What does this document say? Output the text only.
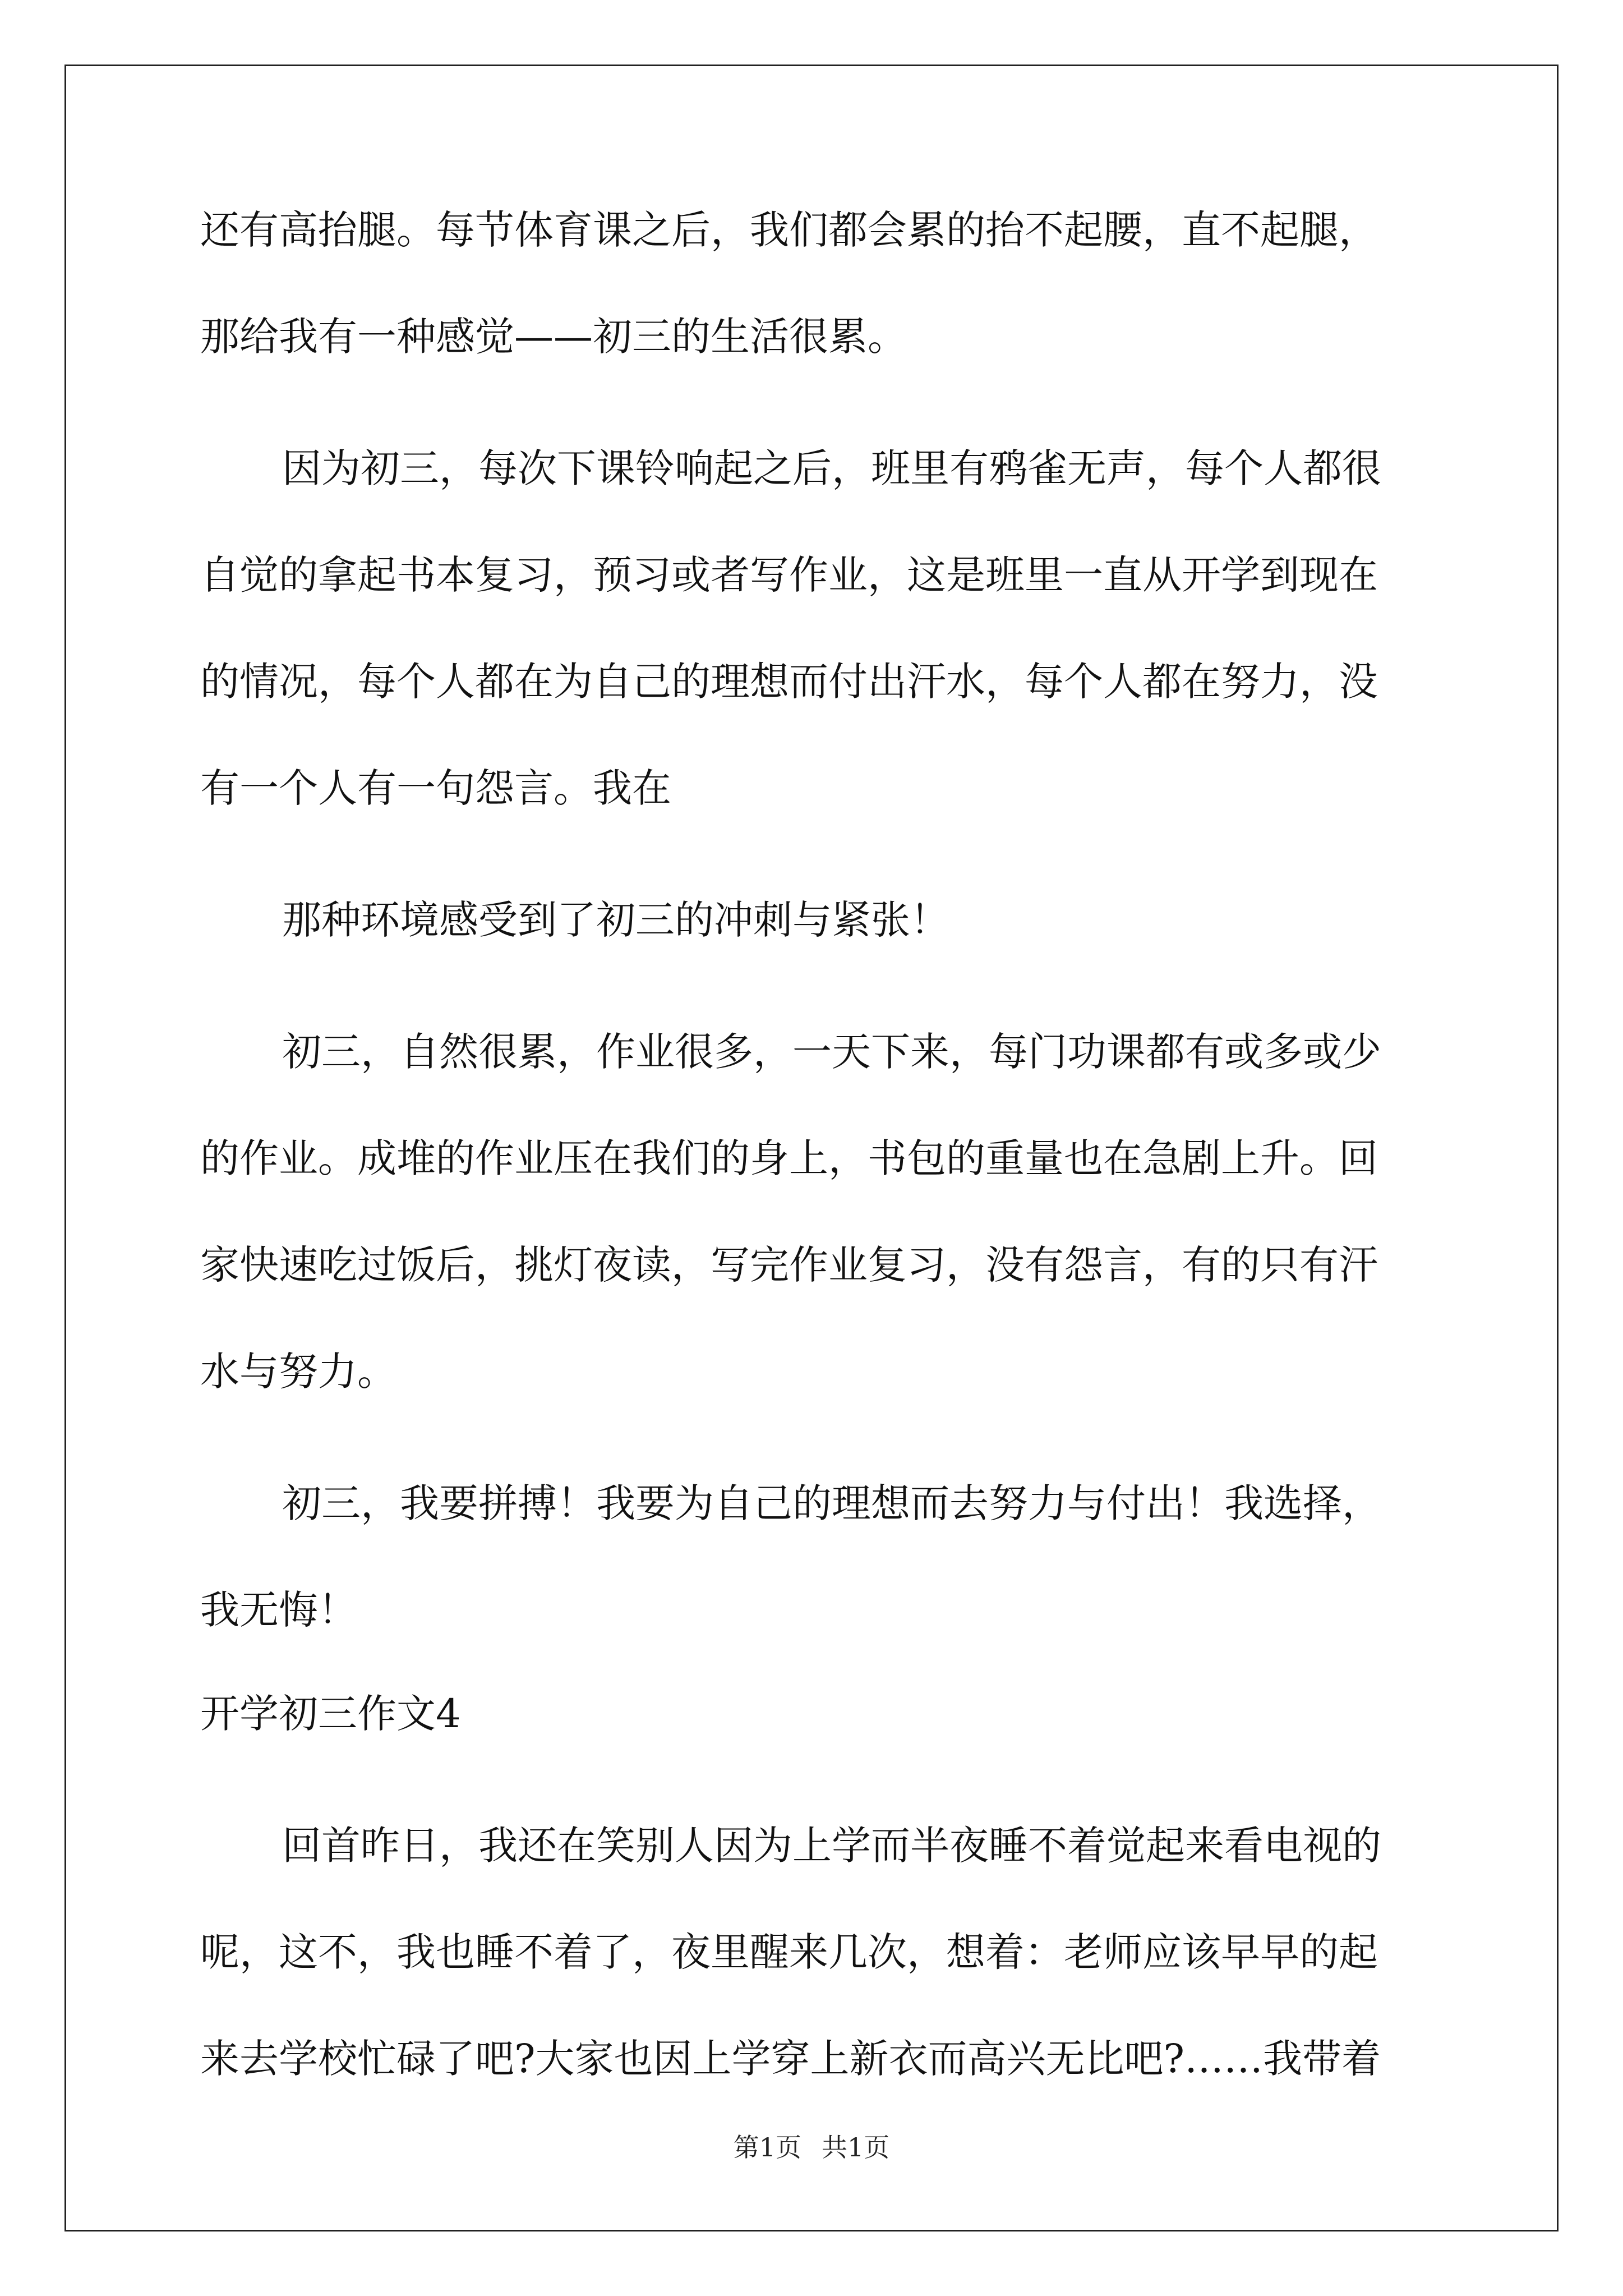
还有高抬腿。每节体育课之后，我们都会累的抬不起腰，直不起腿，
那给我有一种感觉——初三的生活很累。
因为初三，每次下课铃响起之后，班里有鸦雀无声，每个人都很
自觉的拿起书本复习，预习或者写作业，这是班里一直从开学到现在
的情况，每个人都在为自己的理想而付出汗水，每个人都在努力，没
有一个人有一句怨言。我在
那种环境感受到了初三的冲刺与紧张！
初三，自然很累，作业很多，一天下来，每门功课都有或多或少
的作业。成堆的作业压在我们的身上，书包的重量也在急剧上升。回
家快速吃过饭后，挑灯夜读，写完作业复习，没有怨言，有的只有汗
水与努力。
初三，我要拼搏！我要为自己的理想而去努力与付出！我选择，
我无悔！
开学初三作文4
回首昨日，我还在笑别人因为上学而半夜睡不着觉起来看电视的
呢，这不，我也睡不着了，夜里醒来几次，想着：老师应该早早的起
来去学校忙碌了吧?大家也因上学穿上新衣而高兴无比吧?……我带着
第1页 共1页
